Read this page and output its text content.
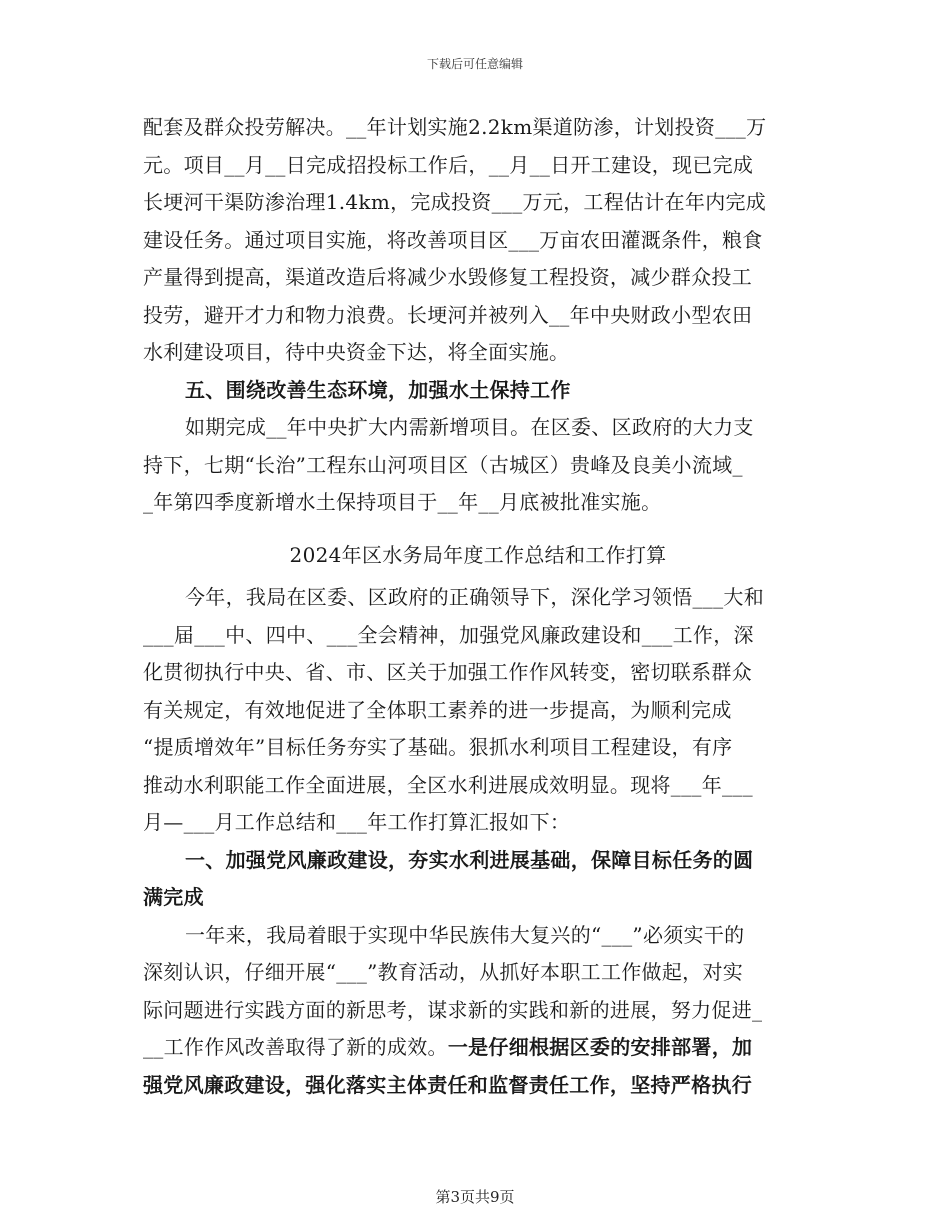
下载后可任意编辑

配套及群众投劳解决。__年计划实施2.2km渠道防渗，计划投资___万
元。项目__月__日完成招投标工作后，__月__日开工建设，现已完成
长埂河干渠防渗治理1.4km，完成投资___万元，工程估计在年内完成
建设任务。通过项目实施，将改善项目区___万亩农田灌溉条件，粮食
产量得到提高，渠道改造后将减少水毁修复工程投资，减少群众投工
投劳，避开才力和物力浪费。长埂河并被列入__年中央财政小型农田
水利建设项目，待中央资金下达，将全面实施。

五、围绕改善生态环境，加强水土保持工作

如期完成__年中央扩大内需新增项目。在区委、区政府的大力支
持下，七期“长治”工程东山河项目区（古城区）贵峰及良美小流域_
_年第四季度新增水土保持项目于__年__月底被批准实施。

2024年区水务局年度工作总结和工作打算

今年，我局在区委、区政府的正确领导下，深化学习领悟___大和
___届___中、四中、___全会精神，加强党风廉政建设和___工作，深
化贯彻执行中央、省、市、区关于加强工作作风转变，密切联系群众
有关规定，有效地促进了全体职工素养的进一步提高，为顺利完成
“提质增效年”目标任务夯实了基础。狠抓水利项目工程建设，有序
推动水利职能工作全面进展，全区水利进展成效明显。现将___年___
月—___月工作总结和___年工作打算汇报如下：

一、加强党风廉政建设，夯实水利进展基础，保障目标任务的圆
满完成

一年来，我局着眼于实现中华民族伟大复兴的“___”必须实干的
深刻认识，仔细开展“___”教育活动，从抓好本职工工作做起，对实
际问题进行实践方面的新思考，谋求新的实践和新的进展，努力促进_
__工作作风改善取得了新的成效。一是仔细根据区委的安排部署，加
强党风廉政建设，强化落实主体责任和监督责任工作，坚持严格执行

第3页共9页
